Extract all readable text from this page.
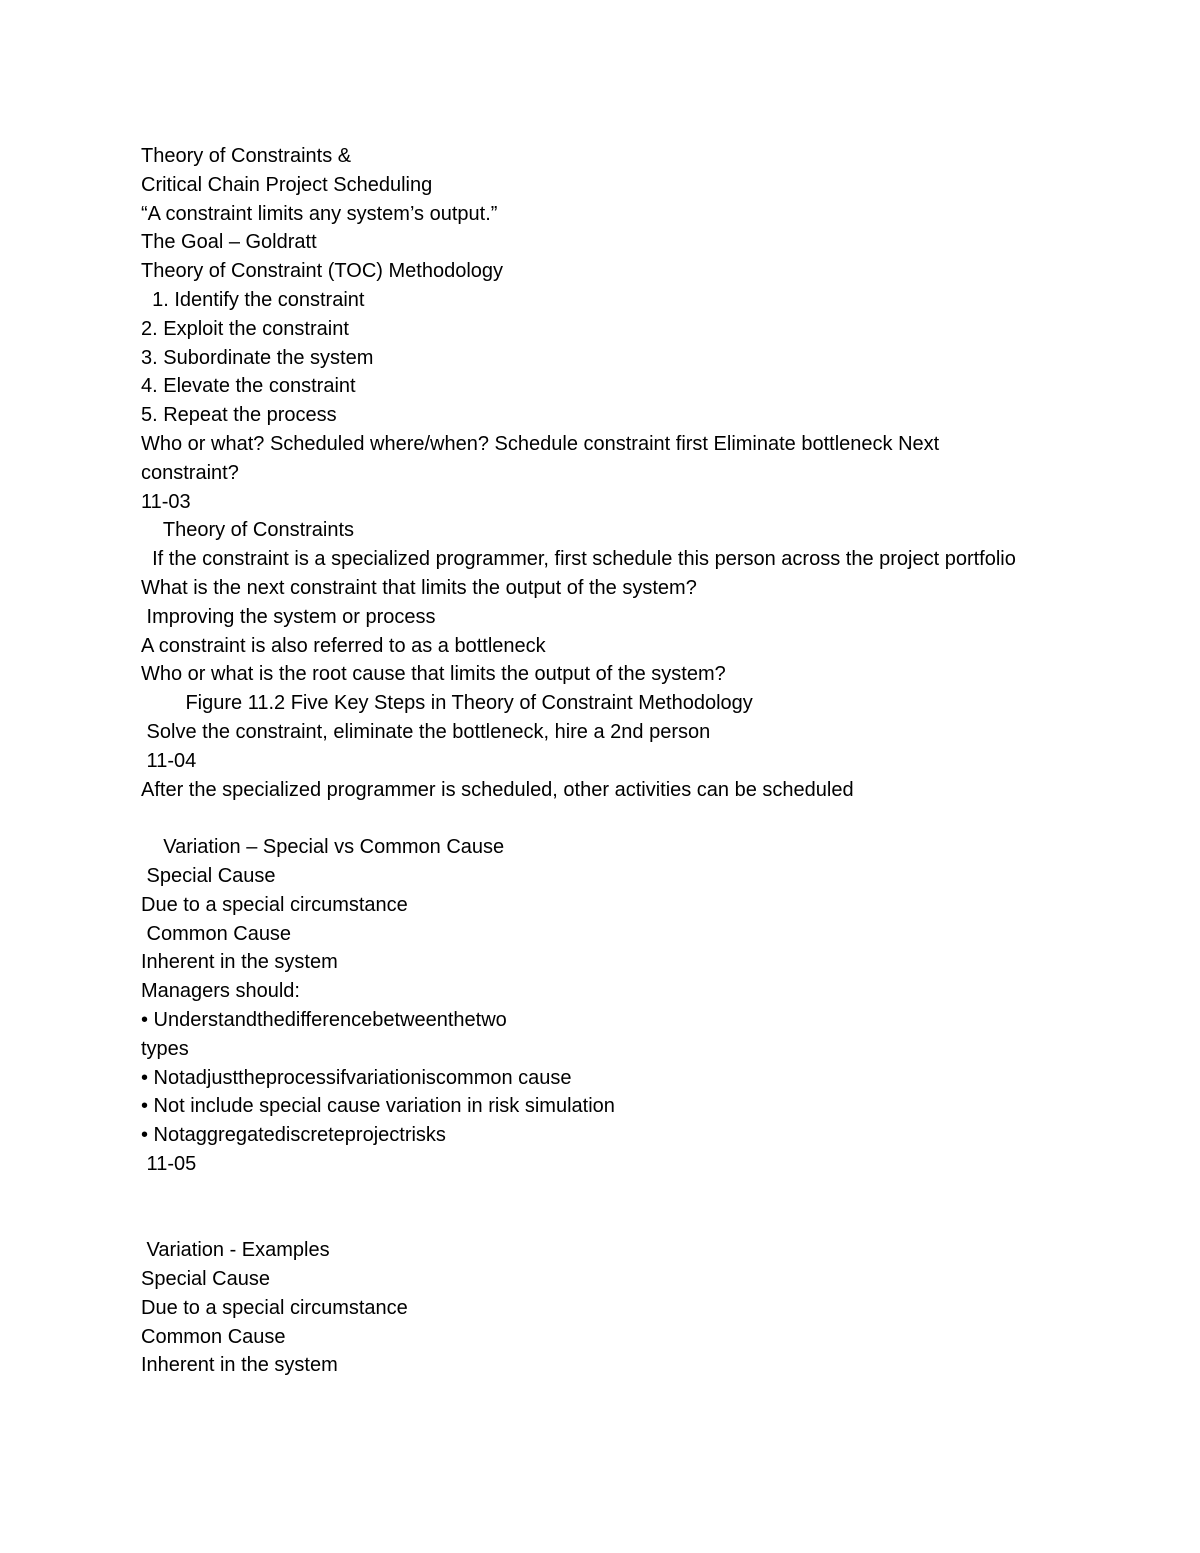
Theory of Constraints &
Critical Chain Project Scheduling
“A constraint limits any system’s output.”
The Goal – Goldratt
Theory of Constraint (TOC) Methodology
1. Identify the constraint
2. Exploit the constraint
3. Subordinate the system
4. Elevate the constraint
5. Repeat the process
Who or what? Scheduled where/when? Schedule constraint first Eliminate bottleneck Next constraint?
11-03
Theory of Constraints
If the constraint is a specialized programmer, first schedule this person across the project portfolio
What is the next constraint that limits the output of the system?
Improving the system or process
A constraint is also referred to as a bottleneck
Who or what is the root cause that limits the output of the system?
Figure 11.2 Five Key Steps in Theory of Constraint Methodology
Solve the constraint, eliminate the bottleneck, hire a 2nd person
11-04
After the specialized programmer is scheduled, other activities can be scheduled
Variation – Special vs Common Cause
Special Cause
Due to a special circumstance
Common Cause
Inherent in the system
Managers should:
• Understandthedifferencebetweenthetwo
types
• Notadjusttheprocessifvariationiscommon cause
• Not include special cause variation in risk simulation
• Notaggregatediscreteprojectrisks
11-05
Variation - Examples
Special Cause
Due to a special circumstance
Common Cause
Inherent in the system
